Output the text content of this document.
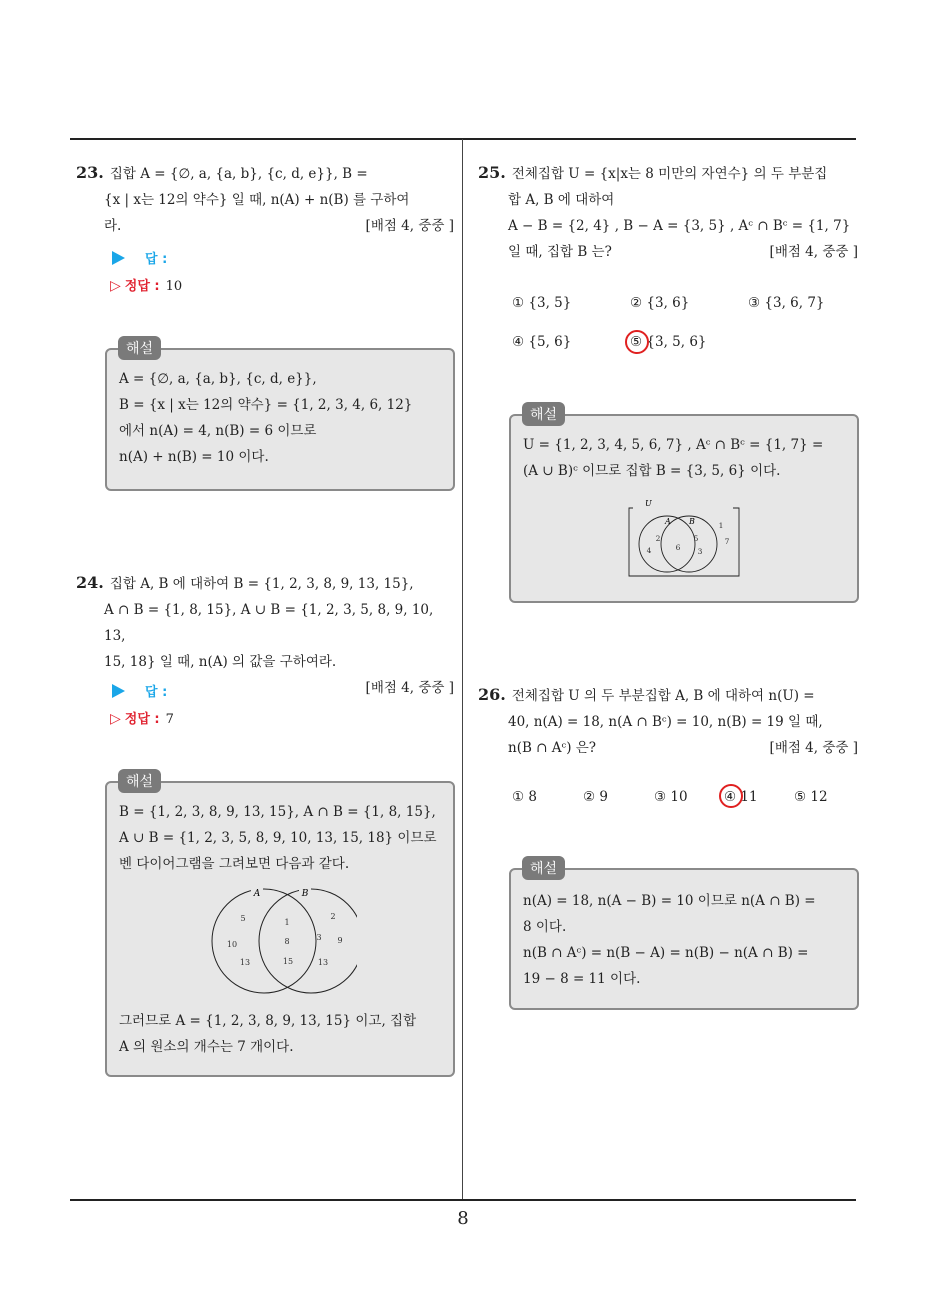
8
23. 집합 A = {∅, a, {a, b}, {c, d, e}}, B =
{x | x는 12의 약수} 일 때, n(A) + n(B) 를 구하여
라.	[배점 4, 중중 ]
답 :
▷ 정답 : 10
A = {∅, a, {a, b}, {c, d, e}},
B = {x | x는 12의 약수} = {1, 2, 3, 4, 6, 12}
에서 n(A) = 4, n(B) = 6 이므로
n(A) + n(B) = 10 이다.
해설
24. 집합 A, B 에 대하여 B = {1, 2, 3, 8, 9, 13, 15},
A ∩ B = {1, 8, 15}, A ∪ B = {1, 2, 3, 5, 8, 9, 10, 13,
15, 18} 일 때, n(A) 의 값을 구하여라.
[배점 4, 중중 ]
답 :
▷ 정답 : 7
B = {1, 2, 3, 8, 9, 13, 15}, A ∩ B = {1, 8, 15},
A ∪ B = {1, 2, 3, 5, 8, 9, 10, 13, 15, 18} 이므로
벤 다이어그램을 그려보면 다음과 같다.
A	B
5
10
13
1
8
15
2
3 9
13
그러므로 A = {1, 2, 3, 8, 9, 13, 15} 이고, 집합
A 의 원소의 개수는 7 개이다.
해설
25. 전체집합 U = {x|x는 8 미만의 자연수} 의 두 부분집
합 A, B 에 대하여
A − B = {2, 4} , B − A = {3, 5} , Aᶜ ∩ Bᶜ = {1, 7}
일 때, 집합 B 는?	[배점 4, 중중 ]
① {3, 5}	② {3, 6}	③ {3, 6, 7}
④ {5, 6}	⑤ {3, 5, 6}
U = {1, 2, 3, 4, 5, 6, 7} , Aᶜ ∩ Bᶜ = {1, 7} =
(A ∪ B)ᶜ 이므로 집합 B = {3, 5, 6} 이다.
U
A B
2
4	6
5
3
1
7
해설
26. 전체집합 U 의 두 부분집합 A, B 에 대하여 n(U) =
40, n(A) = 18, n(A ∩ Bᶜ) = 10, n(B) = 19 일 때,
n(B ∩ Aᶜ) 은?	[배점 4, 중중 ]
① 8	② 9	③ 10	④ 11	⑤ 12
n(A) = 18, n(A − B) = 10 이므로 n(A ∩ B) =
8 이다.
n(B ∩ Aᶜ) = n(B − A) = n(B) − n(A ∩ B) =
19 − 8 = 11 이다.
해설
